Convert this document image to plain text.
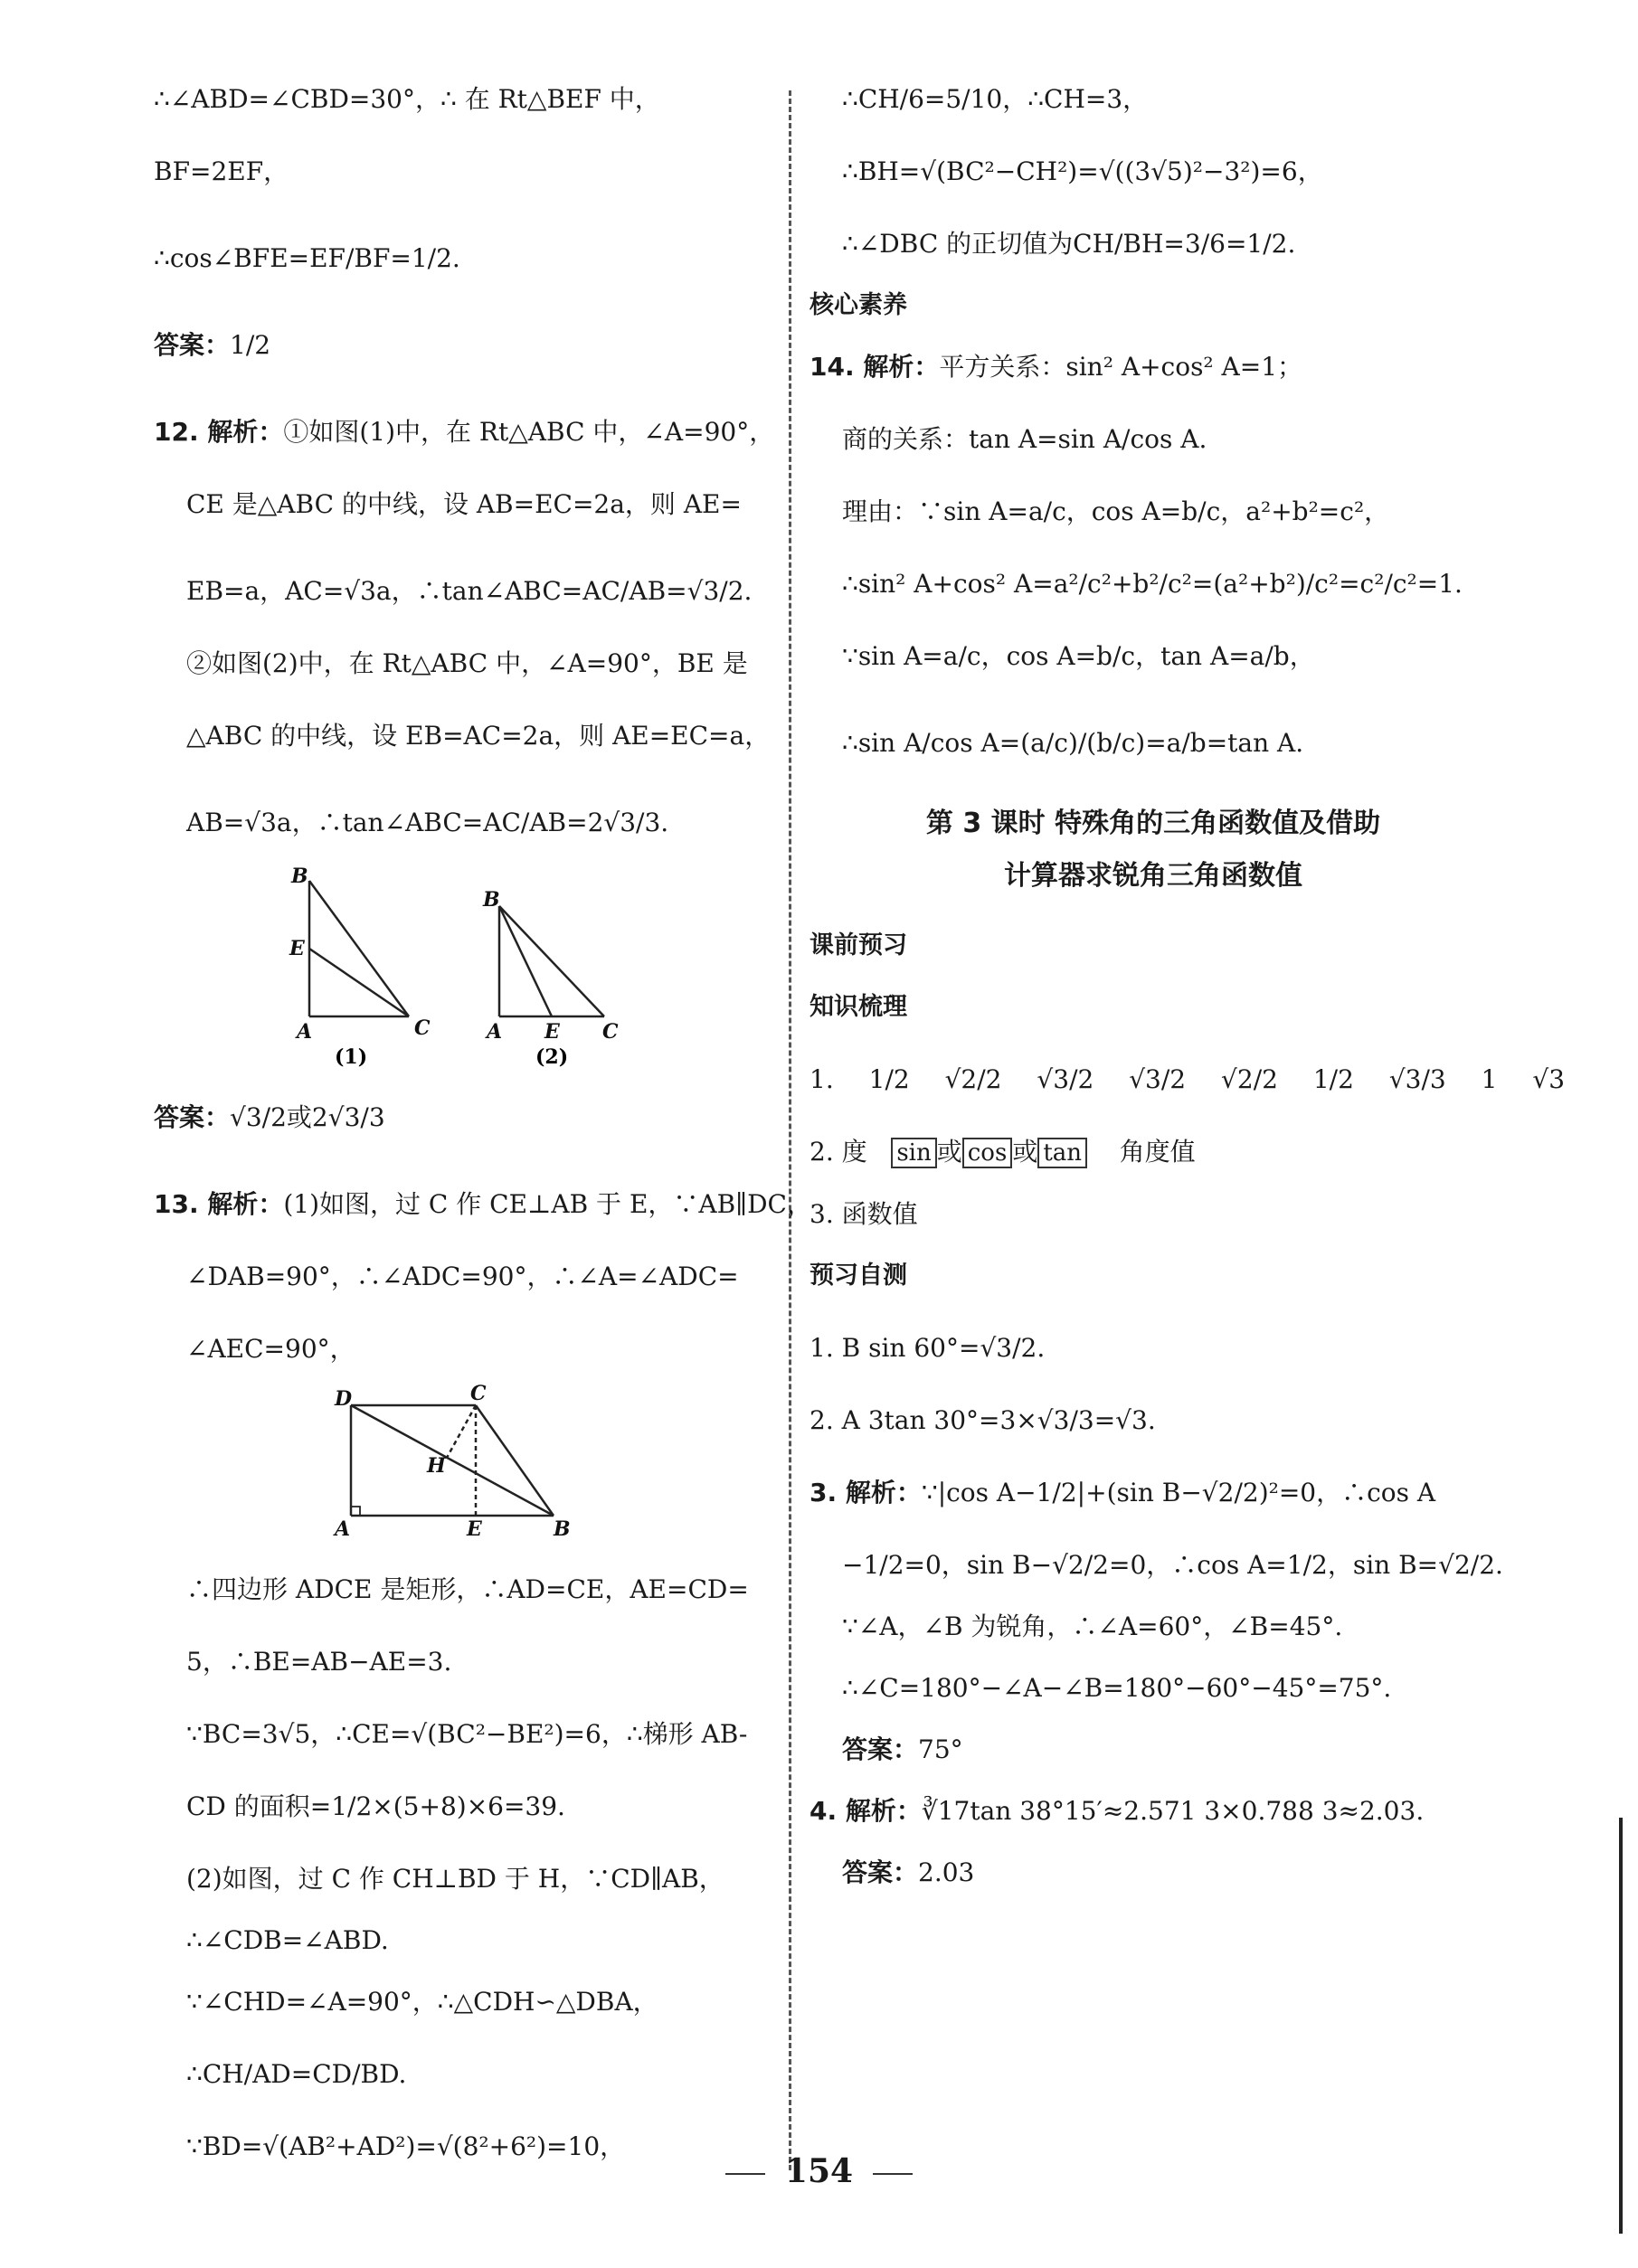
∴∠ABD=∠CBD=30°，∴ 在 Rt△BEF 中，
BF=2EF，
∴cos∠BFE=EF/BF=1/2.
答案：1/2
12. 解析：①如图(1)中，在 Rt△ABC 中，∠A=90°，
CE 是△ABC 的中线，设 AB=EC=2a，则 AE=
EB=a，AC=√3a，∴tan∠ABC=AC/AB=√3/2.
②如图(2)中，在 Rt△ABC 中，∠A=90°，BE 是
△ABC 的中线，设 EB=AC=2a，则 AE=EC=a，
AB=√3a，∴tan∠ABC=AC/AB=2√3/3.
B
E
A	C
(1)
B
A E C
(2)
答案：√3/2或2√3/3
13. 解析：(1)如图，过 C 作 CE⊥AB 于 E，∵AB∥DC，
∠DAB=90°，∴∠ADC=90°，∴∠A=∠ADC=
∠AEC=90°，
D	C
H
A	E	B
∴四边形 ADCE 是矩形，∴AD=CE，AE=CD=
5，∴BE=AB−AE=3.
∵BC=3√5，∴CE=√(BC²−BE²)=6，∴梯形 AB-
CD 的面积=1/2×(5+8)×6=39.
(2)如图，过 C 作 CH⊥BD 于 H，∵CD∥AB，
∴∠CDB=∠ABD.
∵∠CHD=∠A=90°，∴△CDH∽△DBA，
∴CH/AD=CD/BD.
∵BD=√(AB²+AD²)=√(8²+6²)=10，
∴CH/6=5/10，∴CH=3，
∴BH=√(BC²−CH²)=√((3√5)²−3²)=6，
∴∠DBC 的正切值为CH/BH=3/6=1/2.
核心素养
14. 解析：平方关系：sin² A+cos² A=1；
商的关系：tan A=sin A/cos A.
理由：∵sin A=a/c，cos A=b/c，a²+b²=c²，
∴sin² A+cos² A=a²/c²+b²/c²=(a²+b²)/c²=c²/c²=1.
∵sin A=a/c，cos A=b/c，tan A=a/b，
∴sin A/cos A=(a/c)/(b/c)=a/b=tan A.
第 3 课时 特殊角的三角函数值及借助
计算器求锐角三角函数值
课前预习
知识梳理
1. 1/2 √2/2 √3/2 √3/2 √2/2 1/2 √3/3 1 √3
2. 度 sin 或 cos 或 tan 角度值
3. 函数值
预习自测
1. B sin 60°=√3/2.
2. A 3tan 30°=3×√3/3=√3.
3. 解析：∵|cos A−1/2|+(sin B−√2/2)²=0，∴cos A
−1/2=0，sin B−√2/2=0，∴cos A=1/2，sin B=√2/2.
∵∠A，∠B 为锐角，∴∠A=60°，∠B=45°.
∴∠C=180°−∠A−∠B=180°−60°−45°=75°.
答案：75°
4. 解析：∛17tan 38°15′≈2.571 3×0.788 3≈2.03.
答案：2.03
154
